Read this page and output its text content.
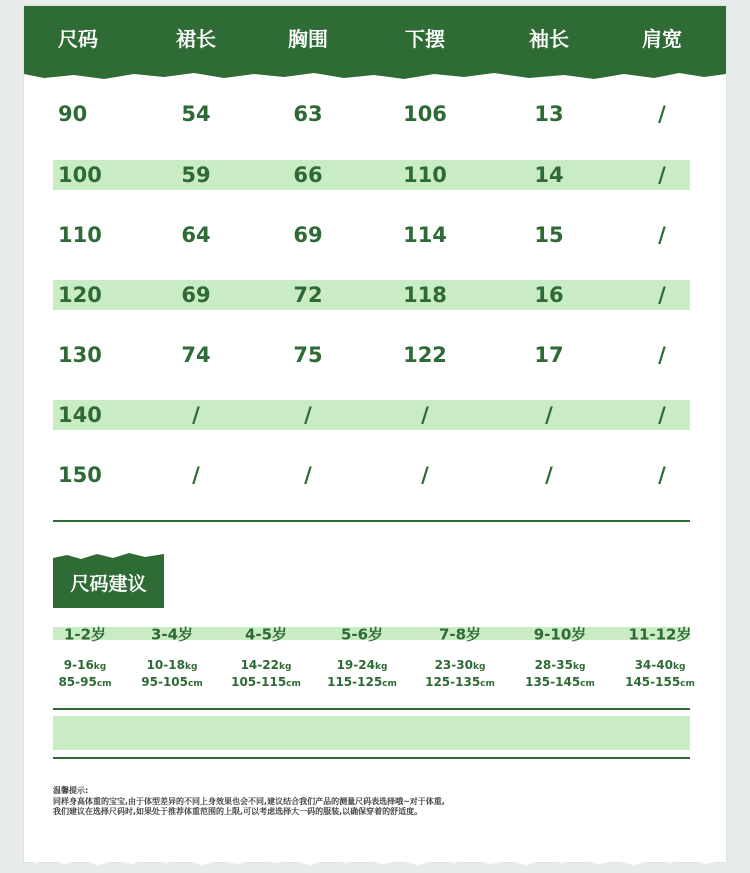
尺码	裙长	胸围	下摆	袖长	肩宽
90	54	63	106	13	/
100	59	66	110	14	/
110	64	69	114	15	/
120	69	72	118	16	/
130	74	75	122	17	/
140	/	/	/	/	/
150	/	/	/	/	/
尺码建议
1-2岁	3-4岁	4-5岁	5-6岁	7-8岁	9-10岁	11-12岁
9-16kg	10-18kg	14-22kg	19-24kg	23-30kg	28-35kg	34-40kg
85-95cm 95-105cm 105-115cm 115-125cm 125-135cm	135-145cm	145-155cm
温馨提示:
同样身高体重的宝宝,由于体型差异的不同上身效果也会不同,建议结合我们产品的测量尺码表选择哦~对于体重,
我们建议在选择尺码时,如果处于推荐体重范围的上限,可以考虑选择大一码的服装,以确保穿着的舒适度。
